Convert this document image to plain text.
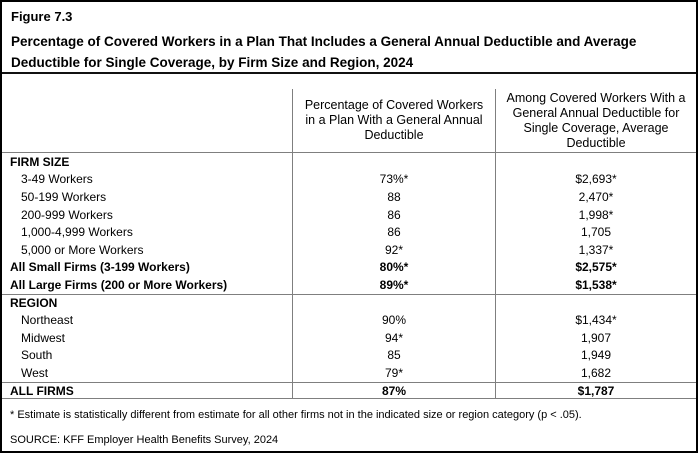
Figure 7.3
Percentage of Covered Workers in a Plan That Includes a General Annual Deductible and Average
Deductible for Single Coverage, by Firm Size and Region, 2024
Percentage of Covered Workers in a Plan With a General Annual Deductible
Among Covered Workers With a General Annual Deductible for Single Coverage, Average Deductible
FIRM SIZE
3-49 Workers	73%*	$2,693*
50-199 Workers	88	2,470*
200-999 Workers	86	1,998*
1,000-4,999 Workers	86	1,705
5,000 or More Workers	92*	1,337*
All Small Firms (3-199 Workers)	80%*	$2,575*
All Large Firms (200 or More Workers)	89%*	$1,538*
REGION
Northeast	90%	$1,434*
Midwest	94*	1,907
South	85	1,949
West	79*	1,682
ALL FIRMS	87%	$1,787
* Estimate is statistically different from estimate for all other firms not in the indicated size or region category (p < .05).
SOURCE: KFF Employer Health Benefits Survey, 2024
